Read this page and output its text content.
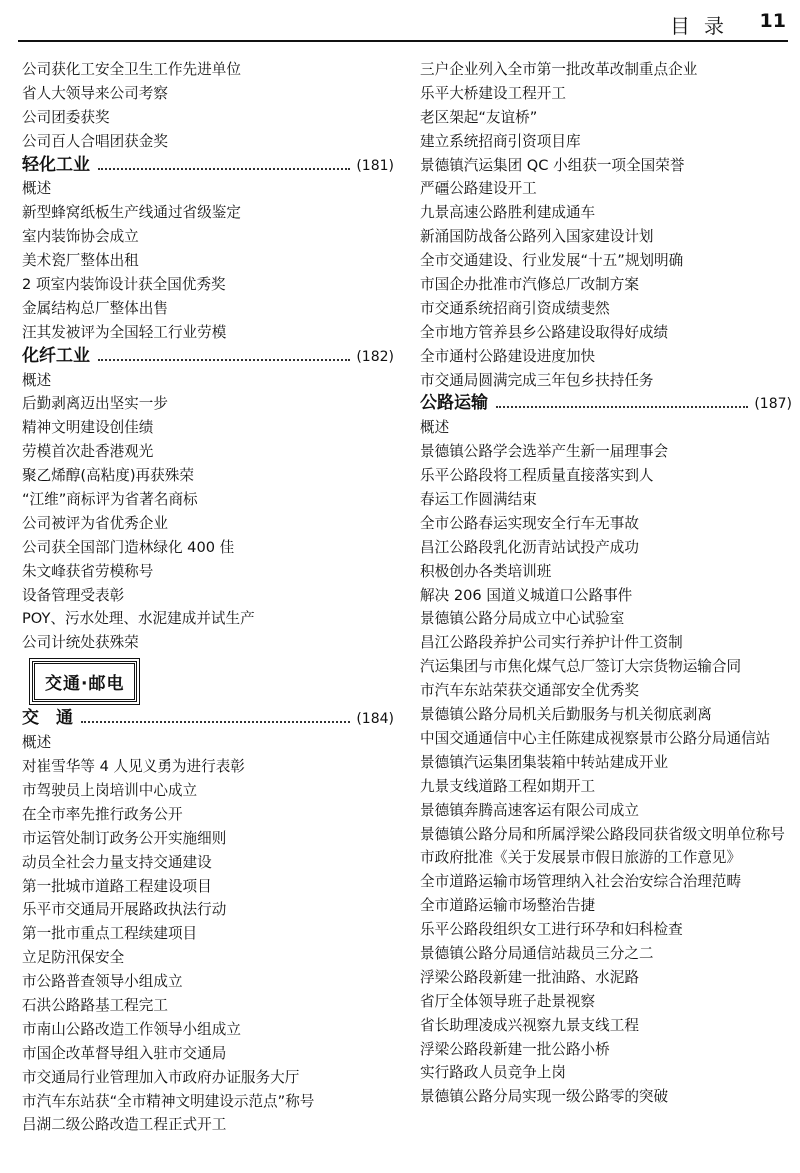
目录 11
公司获化工安全卫生工作先进单位
省人大领导来公司考察
公司团委获奖
公司百人合唱团获金奖
轻化工业	(181)
概述
新型蜂窝纸板生产线通过省级鉴定
室内装饰协会成立
美术瓷厂整体出租
2 项室内装饰设计获全国优秀奖
金属结构总厂整体出售
汪其发被评为全国轻工行业劳模
化纤工业	(182)
概述
后勤剥离迈出坚实一步
精神文明建设创佳绩
劳模首次赴香港观光
聚乙烯醇(高粘度)再获殊荣
“江维”商标评为省著名商标
公司被评为省优秀企业
公司获全国部门造林绿化 400 佳
朱文峰获省劳模称号
设备管理受表彰
POY、污水处理、水泥建成并试生产
公司计统处获殊荣
交通·邮电
交　通	(184)
概述
对崔雪华等 4 人见义勇为进行表彰
市驾驶员上岗培训中心成立
在全市率先推行政务公开
市运管处制订政务公开实施细则
动员全社会力量支持交通建设
第一批城市道路工程建设项目
乐平市交通局开展路政执法行动
第一批市重点工程续建项目
立足防汛保安全
市公路普查领导小组成立
石洪公路路基工程完工
市南山公路改造工作领导小组成立
市国企改革督导组入驻市交通局
市交通局行业管理加入市政府办证服务大厅
市汽车东站获“全市精神文明建设示范点”称号
吕湖二级公路改造工程正式开工
三户企业列入全市第一批改革改制重点企业
乐平大桥建设工程开工
老区架起“友谊桥”
建立系统招商引资项目库
景德镇汽运集团 QC 小组获一项全国荣誉
严礓公路建设开工
九景高速公路胜利建成通车
新涌国防战备公路列入国家建设计划
全市交通建设、行业发展“十五”规划明确
市国企办批准市汽修总厂改制方案
市交通系统招商引资成绩斐然
全市地方管养县乡公路建设取得好成绩
全市通村公路建设进度加快
市交通局圆满完成三年包乡扶持任务
公路运输	(187)
概述
景德镇公路学会选举产生新一届理事会
乐平公路段将工程质量直接落实到人
春运工作圆满结束
全市公路春运实现安全行车无事故
昌江公路段乳化沥青站试投产成功
积极创办各类培训班
解决 206 国道义城道口公路事件
景德镇公路分局成立中心试验室
昌江公路段养护公司实行养护计件工资制
汽运集团与市焦化煤气总厂签订大宗货物运输合同
市汽车东站荣获交通部安全优秀奖
景德镇公路分局机关后勤服务与机关彻底剥离
中国交通通信中心主任陈建成视察景市公路分局通信站
景德镇汽运集团集装箱中转站建成开业
九景支线道路工程如期开工
景德镇奔腾高速客运有限公司成立
景德镇公路分局和所属浮梁公路段同获省级文明单位称号
市政府批准《关于发展景市假日旅游的工作意见》
全市道路运输市场管理纳入社会治安综合治理范畴
全市道路运输市场整治告捷
乐平公路段组织女工进行环孕和妇科检查
景德镇公路分局通信站裁员三分之二
浮梁公路段新建一批油路、水泥路
省厅全体领导班子赴景视察
省长助理凌成兴视察九景支线工程
浮梁公路段新建一批公路小桥
实行路政人员竞争上岗
景德镇公路分局实现一级公路零的突破
